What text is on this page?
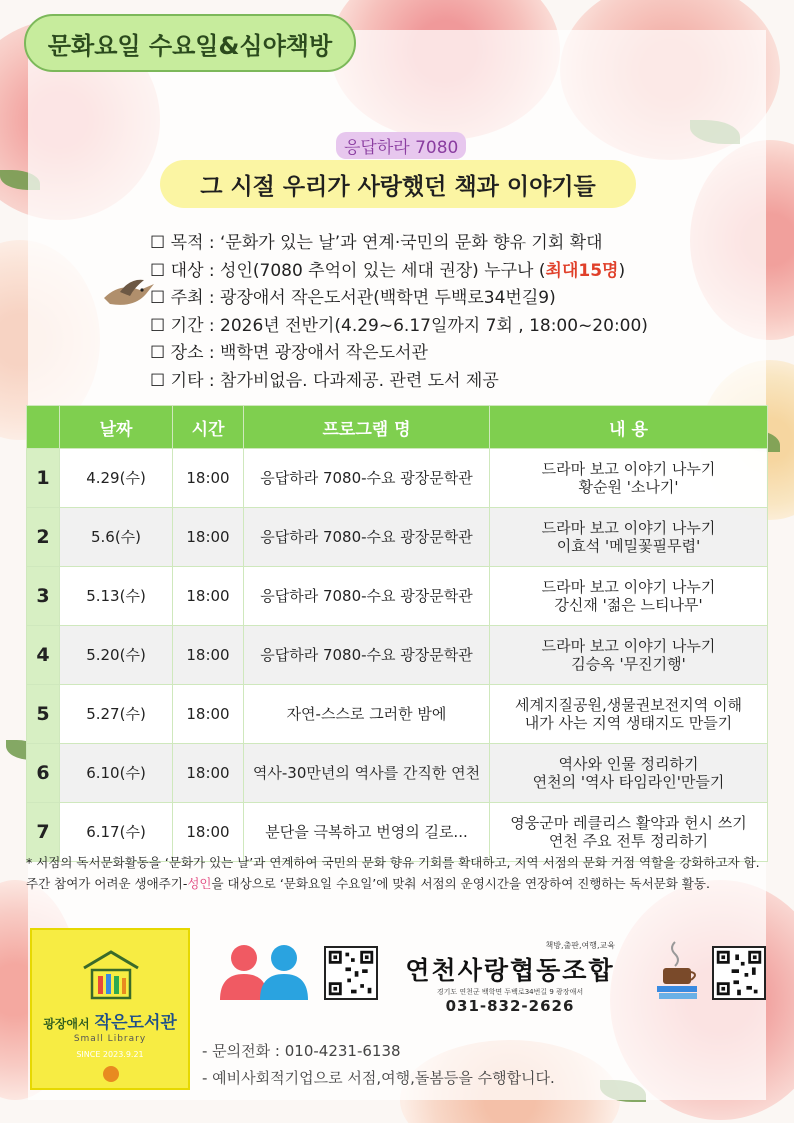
문화요일 수요일&심야책방
응답하라 7080
그 시절 우리가 사랑했던 책과 이야기들
☐ 목적 : ‘문화가 있는 날’과 연계·국민의 문화 향유 기회 확대
☐ 대상 : 성인(7080 추억이 있는 세대 권장) 누구나 (최대15명)
☐ 주최 : 광장애서 작은도서관(백학면 두백로34번길9)
☐ 기간 : 2026년 전반기(4.29~6.17일까지 7회 , 18:00~20:00)
☐ 장소 : 백학면 광장애서 작은도서관
☐ 기타 : 참가비없음. 다과제공. 관련 도서 제공
	날짜	시간	프로그램 명	내 용
1	4.29(수)	18:00	응답하라 7080-수요 광장문학관	드라마 보고 이야기 나누기
황순원 '소나기'

2	5.6(수)	18:00	응답하라 7080-수요 광장문학관	드라마 보고 이야기 나누기
이효석 '메밀꽃필무렵'

3	5.13(수)	18:00	응답하라 7080-수요 광장문학관	드라마 보고 이야기 나누기
강신재 '젊은 느티나무'

4	5.20(수)	18:00	응답하라 7080-수요 광장문학관	드라마 보고 이야기 나누기
김승옥 '무진기행'

5	5.27(수)	18:00	자연-스스로 그러한 밤에	세계지질공원,생물권보전지역 이해
내가 사는 지역 생태지도 만들기

6	6.10(수)	18:00	역사-30만년의 역사를 간직한 연천	역사와 인물 정리하기
연천의 '역사 타임라인'만들기

7	6.17(수)	18:00	분단을 극복하고 번영의 길로...	영웅군마 레클리스 활약과 헌시 쓰기
연천 주요 전투 정리하기
* 서점의 독서문화활동을 ‘문화가 있는 날’과 연계하여 국민의 문화 향유 기회를 확대하고, 지역 서점의 문화 거점 역할을 강화하고자 함. 주간 참여가 어려운 생애주기-성인을 대상으로 ‘문화요일 수요일’에 맞춰 서점의 운영시간을 연장하여 진행하는 독서문화 활동.
광장애서 작은도서관
Small Library
SINCE 2023.9.21
책방,출판,여행,교육
연천사랑협동조합
경기도 연천군 백학면 두백로34번길 9 광장애서
031-832-2626
- 문의전화 : 010-4231-6138
- 예비사회적기업으로 서점,여행,돌봄등을 수행합니다.
